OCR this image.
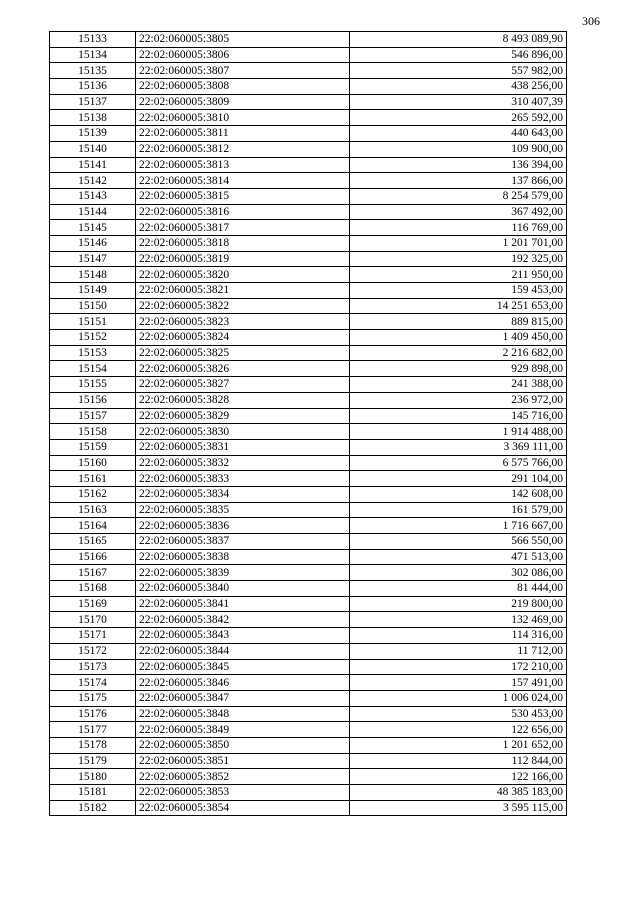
306
15133	22:02:060005:3805	8 493 089,90
15134	22:02:060005:3806	546 896,00
15135	22:02:060005:3807	557 982,00
15136	22:02:060005:3808	438 256,00
15137	22:02:060005:3809	310 407,39
15138	22:02:060005:3810	265 592,00
15139	22:02:060005:3811	440 643,00
15140	22:02:060005:3812	109 900,00
15141	22:02:060005:3813	136 394,00
15142	22:02:060005:3814	137 866,00
15143	22:02:060005:3815	8 254 579,00
15144	22:02:060005:3816	367 492,00
15145	22:02:060005:3817	116 769,00
15146	22:02:060005:3818	1 201 701,00
15147	22:02:060005:3819	192 325,00
15148	22:02:060005:3820	211 950,00
15149	22:02:060005:3821	159 453,00
15150	22:02:060005:3822	14 251 653,00
15151	22:02:060005:3823	889 815,00
15152	22:02:060005:3824	1 409 450,00
15153	22:02:060005:3825	2 216 682,00
15154	22:02:060005:3826	929 898,00
15155	22:02:060005:3827	241 388,00
15156	22:02:060005:3828	236 972,00
15157	22:02:060005:3829	145 716,00
15158	22:02:060005:3830	1 914 488,00
15159	22:02:060005:3831	3 369 111,00
15160	22:02:060005:3832	6 575 766,00
15161	22:02:060005:3833	291 104,00
15162	22:02:060005:3834	142 608,00
15163	22:02:060005:3835	161 579,00
15164	22:02:060005:3836	1 716 667,00
15165	22:02:060005:3837	566 550,00
15166	22:02:060005:3838	471 513,00
15167	22:02:060005:3839	302 086,00
15168	22:02:060005:3840	81 444,00
15169	22:02:060005:3841	219 800,00
15170	22:02:060005:3842	132 469,00
15171	22:02:060005:3843	114 316,00
15172	22:02:060005:3844	11 712,00
15173	22:02:060005:3845	172 210,00
15174	22:02:060005:3846	157 491,00
15175	22:02:060005:3847	1 006 024,00
15176	22:02:060005:3848	530 453,00
15177	22:02:060005:3849	122 656,00
15178	22:02:060005:3850	1 201 652,00
15179	22:02:060005:3851	112 844,00
15180	22:02:060005:3852	122 166,00
15181	22:02:060005:3853	48 385 183,00
15182	22:02:060005:3854	3 595 115,00
